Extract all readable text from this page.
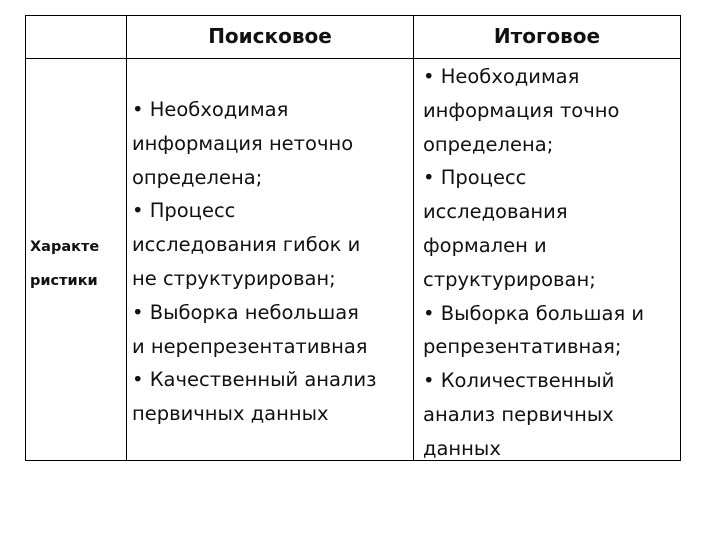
Поисковое	Итоговое
Характе
ристики
• Необходимая
информация неточно
определена;
• Процесс
исследования гибок и
не структурирован;
• Выборка небольшая
и нерепрезентативная
• Качественный анализ
первичных данных
• Необходимая
информация точно
определена;
• Процесс
исследования
формален и
структурирован;
• Выборка большая и
репрезентативная;
• Количественный
анализ первичных
данных
